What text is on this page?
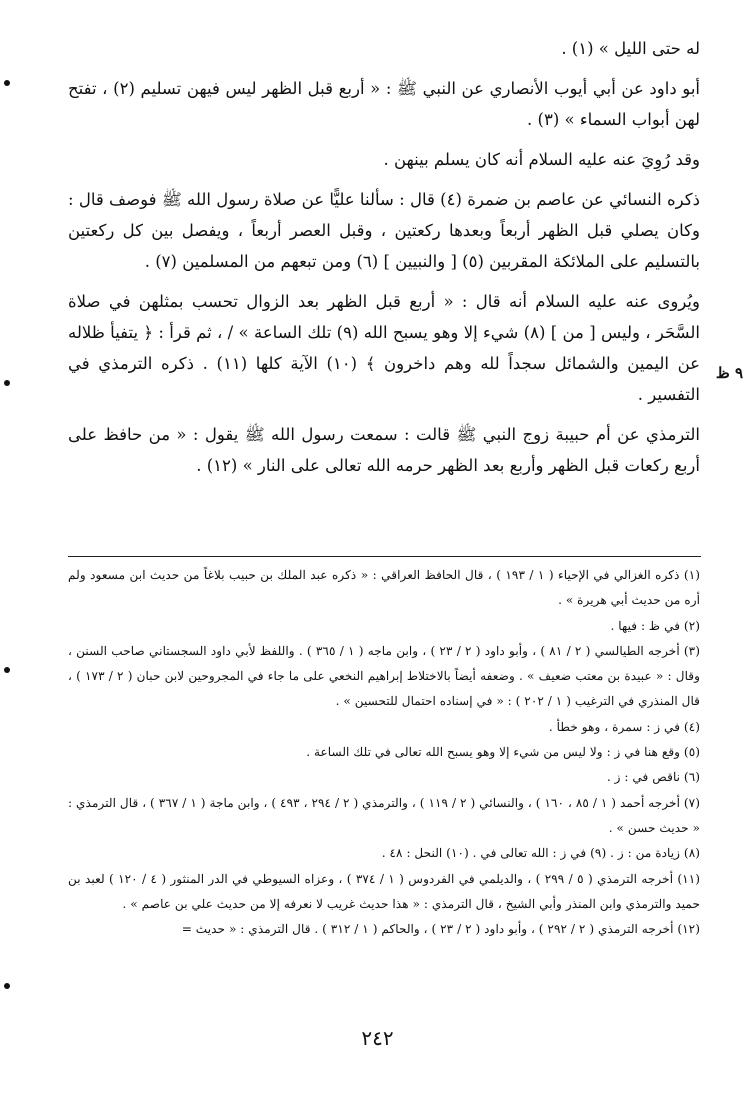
٩ ظ

له حتى الليل » (١) .

أبو داود عن أبي أيوب الأنصاري عن النبي ﷺ : « أربع قبل الظهر ليس فيهن تسليم (٢) ، تفتح لهن أبواب السماء » (٣) .

وقد رُوِيَ عنه عليه السلام أنه كان يسلم بينهن .

ذكره النسائي عن عاصم بن ضمرة (٤) قال : سألنا عليًّا عن صلاة رسول الله ﷺ فوصف قال : وكان يصلي قبل الظهر أربعاً وبعدها ركعتين ، وقبل العصر أربعاً ، ويفصل بين كل ركعتين بالتسليم على الملائكة المقربين (٥) [ والنبيين ] (٦) ومن تبعهم من المسلمين (٧) .

ويُروى عنه عليه السلام أنه قال : « أربع قبل الظهر بعد الزوال تحسب بمثلهن في صلاة السَّحَر ، وليس [ من ] (٨) شيء إلا وهو يسبح الله (٩) تلك الساعة » / ، ثم قرأ : ﴿ يتفيأ ظلاله عن اليمين والشمائل سجداً لله وهم داخرون ﴾ (١٠) الآية كلها (١١) . ذكره الترمذي في التفسير .

الترمذي عن أم حبيبة زوج النبي ﷺ قالت : سمعت رسول الله ﷺ يقول : « من حافظ على أربع ركعات قبل الظهر وأربع بعد الظهر حرمه الله تعالى على النار » (١٢) .

(١) ذكره الغزالي في الإحياء ( ١ / ١٩٣ ) ، قال الحافظ العراقي : « ذكره عبد الملك بن حبيب بلاغاً من حديث ابن مسعود ولم أره من حديث أبي هريرة » .

(٢) في ظ : فيها .

(٣) أخرجه الطيالسي ( ٢ / ٨١ ) ، وأبو داود ( ٢ / ٢٣ ) ، وابن ماجه ( ١ / ٣٦٥ ) . واللفظ لأبي داود السجستاني صاحب السنن ، وقال : « عبيدة بن معتب ضعيف » . وضعفه أيضاً بالاختلاط إبراهيم النخعي على ما جاء في المجروحين لابن حبان ( ٢ / ١٧٣ ) ، قال المنذري في الترغيب ( ١ / ٢٠٢ ) : « في إسناده احتمال للتحسين » .

(٤) في ز : سمرة ، وهو خطأ .

(٥) وقع هنا في ز : ولا ليس من شيء إلا وهو يسبح الله تعالى في تلك الساعة .

(٦) ناقص في : ز .

(٧) أخرجه أحمد ( ١ / ٨٥ ، ١٦٠ ) ، والنسائي ( ٢ / ١١٩ ) ، والترمذي ( ٢ / ٢٩٤ ، ٤٩٣ ) ، وابن ماجة ( ١ / ٣٦٧ ) ، قال الترمذي : « حديث حسن » .

(٨) زيادة من : ز . (٩) في ز : الله تعالى في . (١٠) النحل : ٤٨ .

(١١) أخرجه الترمذي ( ٥ / ٢٩٩ ) ، والديلمي في الفردوس ( ١ / ٣٧٤ ) ، وعزاه السيوطي في الدر المنثور ( ٤ / ١٢٠ ) لعبد بن حميد والترمذي وابن المنذر وأبي الشيخ ، قال الترمذي : « هذا حديث غريب لا نعرفه إلا من حديث علي بن عاصم » .

(١٢) أخرجه الترمذي ( ٢ / ٢٩٢ ) ، وأبو داود ( ٢ / ٢٣ ) ، والحاكم ( ١ / ٣١٢ ) . قال الترمذي : « حديث =

٢٤٢
